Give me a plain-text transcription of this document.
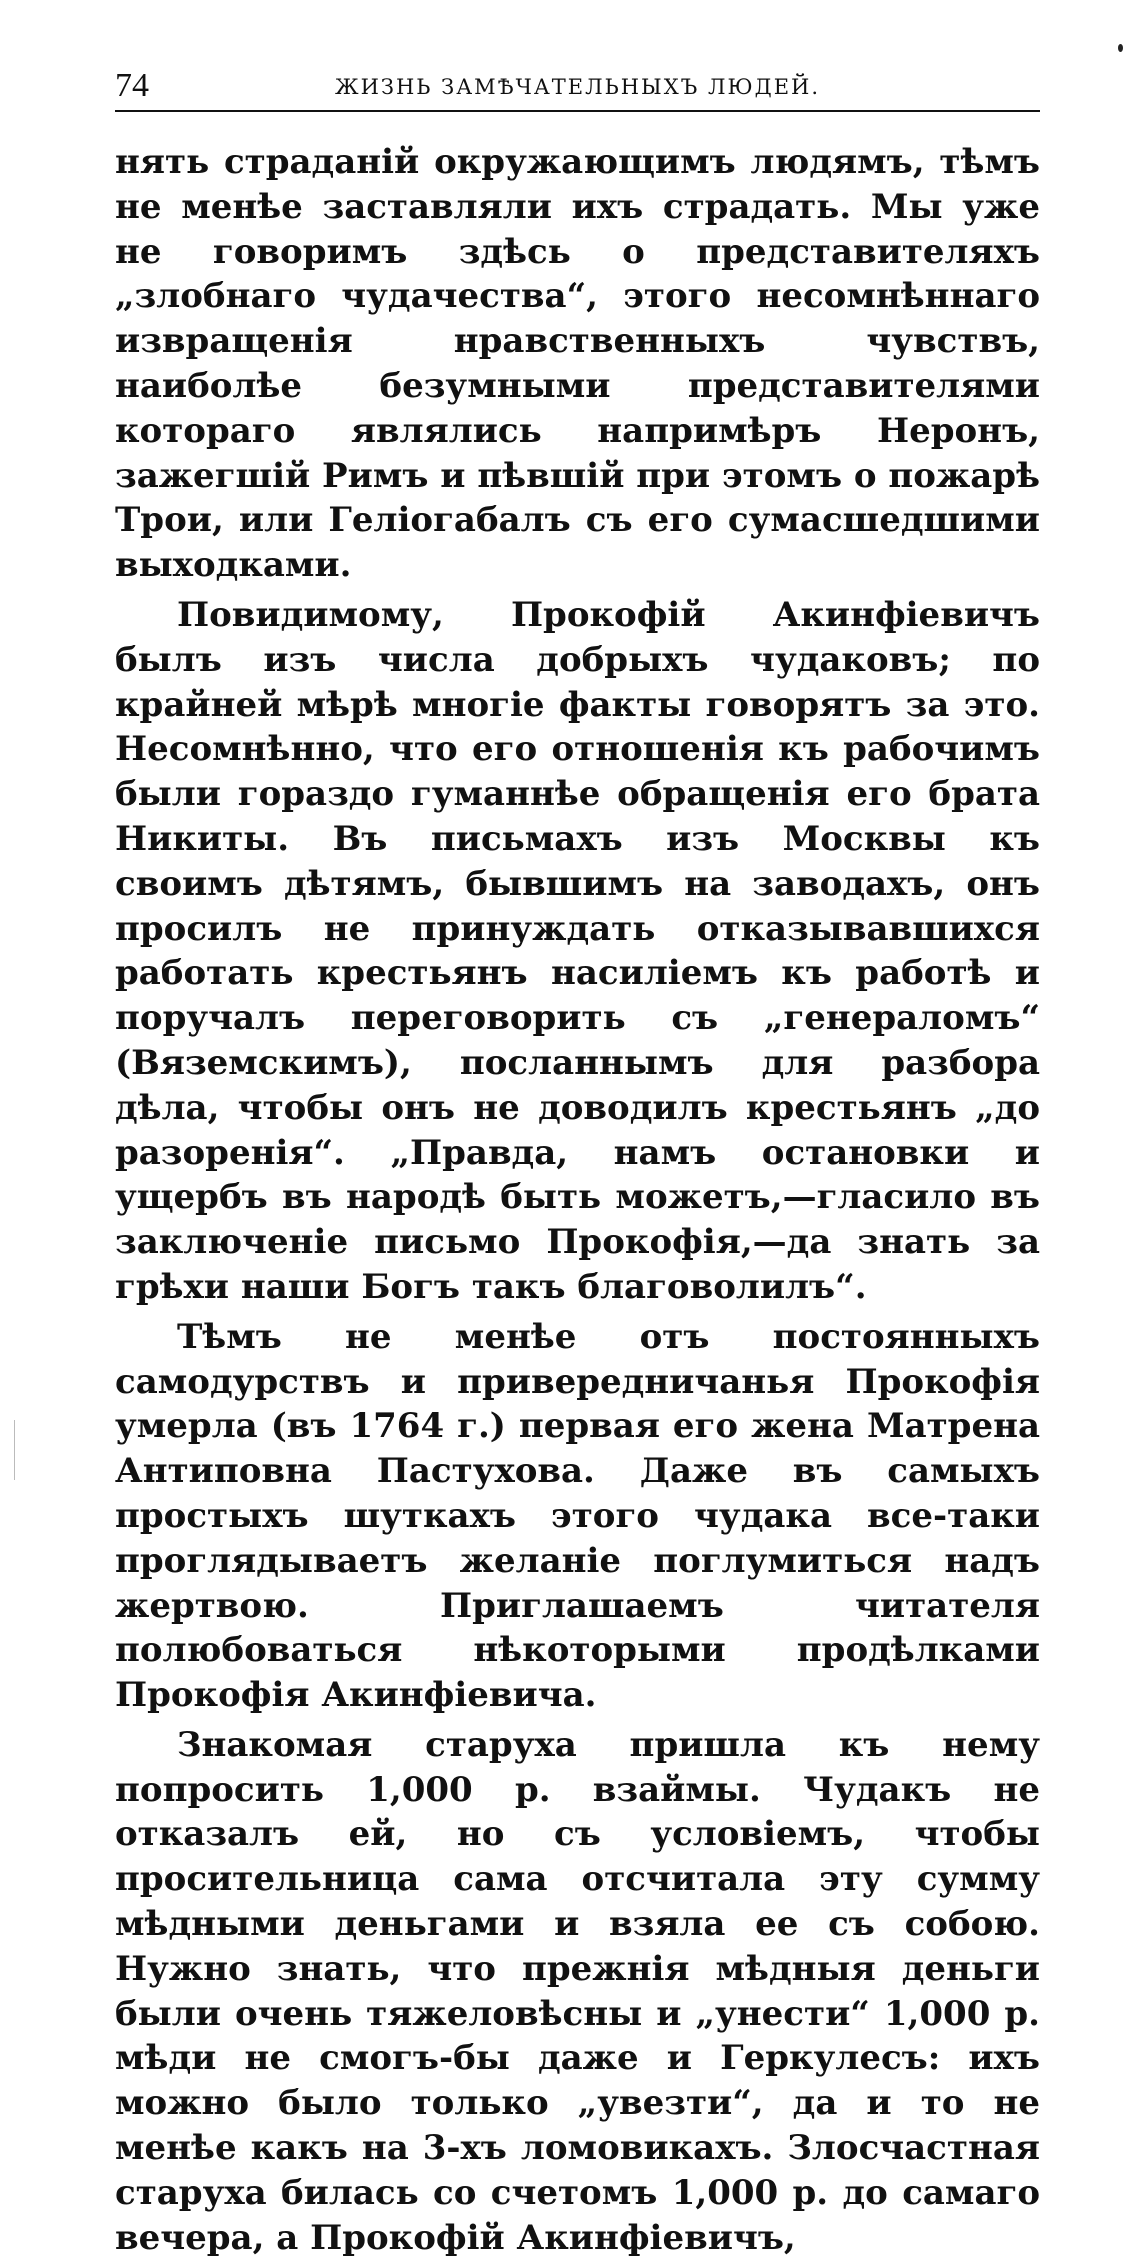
74	ЖИЗНЬ ЗАМѢЧАТЕЛЬНЫХЪ ЛЮДЕЙ.

нять страданій окружающимъ людямъ, тѣмъ не менѣе заставляли ихъ страдать. Мы уже не говоримъ здѣсь о представителяхъ „злобнаго чудачества“, этого несомнѣннаго извращенія нравственныхъ чувствъ, наиболѣе безумными представителями котораго являлись напримѣръ Неронъ, зажегшій Римъ и пѣвшій при этомъ о пожарѣ Трои, или Геліогабалъ съ его сумасшедшими выходками.

Повидимому, Прокофій Акинфіевичъ былъ изъ числа добрыхъ чудаковъ; по крайней мѣрѣ многіе факты говорятъ за это. Несомнѣнно, что его отношенія къ рабочимъ были гораздо гуманнѣе обращенія его брата Никиты. Въ письмахъ изъ Москвы къ своимъ дѣтямъ, бывшимъ на заводахъ, онъ просилъ не принуждать отказывавшихся работать крестьянъ насиліемъ къ работѣ и поручалъ переговорить съ „генераломъ“ (Вяземскимъ), посланнымъ для разбора дѣла, чтобы онъ не доводилъ крестьянъ „до разоренія“. „Правда, намъ остановки и ущербъ въ народѣ быть можетъ,—гласило въ заключеніе письмо Прокофія,—да знать за грѣхи наши Богъ такъ благоволилъ“.

Тѣмъ не менѣе отъ постоянныхъ самодурствъ и привередничанья Прокофія умерла (въ 1764 г.) первая его жена Матрена Антиповна Пастухова. Даже въ самыхъ простыхъ шуткахъ этого чудака все-таки проглядываетъ желаніе поглумиться надъ жертвою. Приглашаемъ читателя полюбоваться нѣкоторыми продѣлками Прокофія Акинфіевича.

Знакомая старуха пришла къ нему попросить 1,000 р. взаймы. Чудакъ не отказалъ ей, но съ условіемъ, чтобы просительница сама отсчитала эту сумму мѣдными деньгами и взяла ее съ собою. Нужно знать, что прежнія мѣдныя деньги были очень тяжеловѣсны и „унести“ 1,000 р. мѣди не смогъ-бы даже и Геркулесъ: ихъ можно было только „увезти“, да и то не менѣе какъ на 3-хъ ломовикахъ. Злосчастная старуха билась со счетомъ 1,000 р. до самаго вечера, а Прокофій Акинфіевичъ,
